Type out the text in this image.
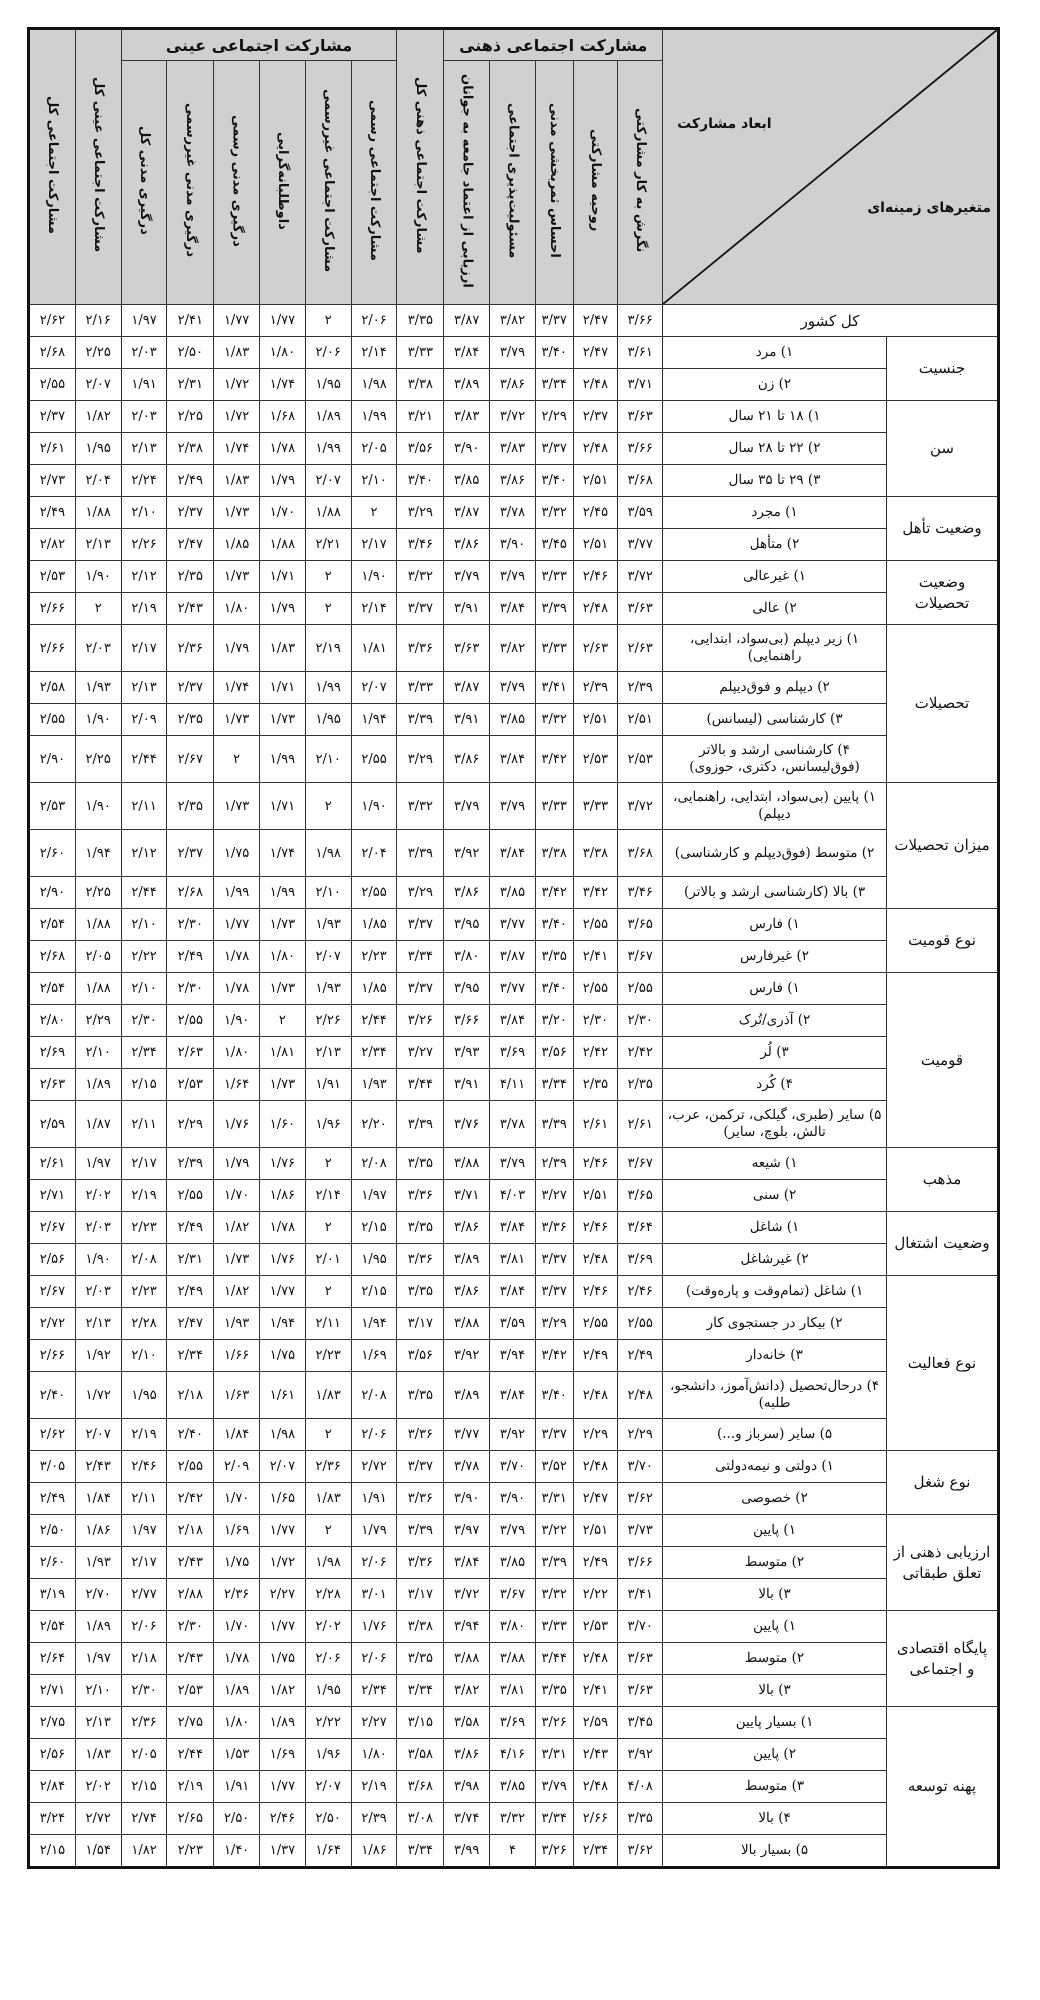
مشارکت اجتماعی کل	مشارکت اجتماعی عینی کل	مشارکت اجتماعی عینی						مشارکت اجتماعی ذهنی کل	مشارکت اجتماعی ذهنی					ابعاد مشارکت
متغیرهای زمینه‌ای	

		درگیری مدنی کل	درگیری مدنی غیررسمی	درگیری مدنی رسمی	داوطلبانه‌گرایی	مشارکت اجتماعی غیررسمی	مشارکت اجتماعی رسمی		ارزیابی از اعتماد جامعه به جوانان	مسئولیت‌پذیری اجتماعی	احساس ثمربخشی مدنی	روحیه مشارکتی	نگرش به کار مشارکتی		
۲/۶۲	۲/۱۶	۱/۹۷	۲/۴۱	۱/۷۷	۱/۷۷	۲	۲/۰۶	۳/۳۵	۳/۸۷	۳/۸۲	۳/۳۷	۲/۴۷	۳/۶۶	کل کشور	
۲/۶۸	۲/۲۵	۲/۰۳	۲/۵۰	۱/۸۳	۱/۸۰	۲/۰۶	۲/۱۴	۳/۳۳	۳/۸۴	۳/۷۹	۳/۴۰	۲/۴۷	۳/۶۱	۱) مرد	جنسیت
۲/۵۵	۲/۰۷	۱/۹۱	۲/۳۱	۱/۷۲	۱/۷۴	۱/۹۵	۱/۹۸	۳/۳۸	۳/۸۹	۳/۸۶	۳/۳۴	۲/۴۸	۳/۷۱	۲) زن	
۲/۳۷	۱/۸۲	۲/۰۳	۲/۲۵	۱/۷۲	۱/۶۸	۱/۸۹	۱/۹۹	۳/۲۱	۳/۸۳	۳/۷۲	۲/۲۹	۲/۳۷	۳/۶۳	۱) ۱۸ تا ۲۱ سال	سن
۲/۶۱	۱/۹۵	۲/۱۳	۲/۳۸	۱/۷۴	۱/۷۸	۱/۹۹	۲/۰۵	۳/۵۶	۳/۹۰	۳/۸۳	۳/۳۷	۲/۴۸	۳/۶۶	۲) ۲۲ تا ۲۸ سال	
۲/۷۳	۲/۰۴	۲/۲۴	۲/۴۹	۱/۸۳	۱/۷۹	۲/۰۷	۲/۱۰	۳/۴۰	۳/۸۵	۳/۸۶	۳/۴۰	۲/۵۱	۳/۶۸	۳) ۲۹ تا ۳۵ سال	
۲/۴۹	۱/۸۸	۲/۱۰	۲/۳۷	۱/۷۳	۱/۷۰	۱/۸۸	۲	۳/۲۹	۳/۸۷	۳/۷۸	۳/۳۲	۲/۴۵	۳/۵۹	۱) مجرد	وضعیت تأهل
۲/۸۲	۲/۱۳	۲/۲۶	۲/۴۷	۱/۸۵	۱/۸۸	۲/۲۱	۲/۱۷	۳/۴۶	۳/۸۶	۳/۹۰	۳/۴۵	۲/۵۱	۳/۷۷	۲) متأهل	
۲/۵۳	۱/۹۰	۲/۱۲	۲/۳۵	۱/۷۳	۱/۷۱	۲	۱/۹۰	۳/۳۲	۳/۷۹	۳/۷۹	۳/۳۳	۲/۴۶	۳/۷۲	۱) غیرعالی	وضعیت تحصیلات
۲/۶۶	۲	۲/۱۹	۲/۴۳	۱/۸۰	۱/۷۹	۲	۲/۱۴	۳/۳۷	۳/۹۱	۳/۸۴	۳/۳۹	۲/۴۸	۳/۶۳	۲) عالی	
۲/۶۶	۲/۰۳	۲/۱۷	۲/۳۶	۱/۷۹	۱/۸۳	۲/۱۹	۱/۸۱	۳/۳۶	۳/۶۳	۳/۸۲	۳/۳۳	۲/۶۳	۲/۶۳	۱) زیر دیپلم (بی‌سواد، ابتدایی، راهنمایی)	تحصیلات
۲/۵۸	۱/۹۳	۲/۱۳	۲/۳۷	۱/۷۴	۱/۷۱	۱/۹۹	۲/۰۷	۳/۳۳	۳/۸۷	۳/۷۹	۳/۴۱	۲/۳۹	۲/۳۹	۲) دیپلم و فوق‌دیپلم	
۲/۵۵	۱/۹۰	۲/۰۹	۲/۳۵	۱/۷۳	۱/۷۳	۱/۹۵	۱/۹۴	۳/۳۹	۳/۹۱	۳/۸۵	۳/۳۲	۲/۵۱	۲/۵۱	۳) کارشناسی (لیسانس)	
۲/۹۰	۲/۲۵	۲/۴۴	۲/۶۷	۲	۱/۹۹	۲/۱۰	۲/۵۵	۳/۲۹	۳/۸۶	۳/۸۴	۳/۴۲	۲/۵۳	۲/۵۳	۴) کارشناسی ارشد و بالاتر (فوق‌لیسانس، دکتری، حوزوی)	
۲/۵۳	۱/۹۰	۲/۱۱	۲/۳۵	۱/۷۳	۱/۷۱	۲	۱/۹۰	۳/۳۲	۳/۷۹	۳/۷۹	۳/۳۳	۳/۳۳	۳/۷۲	۱) پایین (بی‌سواد، ابتدایی، راهنمایی، دیپلم)	میزان تحصیلات
۲/۶۰	۱/۹۴	۲/۱۲	۲/۳۷	۱/۷۵	۱/۷۴	۱/۹۸	۲/۰۴	۳/۳۹	۳/۹۲	۳/۸۴	۳/۳۸	۳/۳۸	۳/۶۸	۲) متوسط (فوق‌دیپلم و کارشناسی)	
۲/۹۰	۲/۲۵	۲/۴۴	۲/۶۸	۱/۹۹	۱/۹۹	۲/۱۰	۲/۵۵	۳/۲۹	۳/۸۶	۳/۸۵	۳/۴۲	۳/۴۲	۳/۴۶	۳) بالا (کارشناسی ارشد و بالاتر)	
۲/۵۴	۱/۸۸	۲/۱۰	۲/۳۰	۱/۷۷	۱/۷۳	۱/۹۳	۱/۸۵	۳/۳۷	۳/۹۵	۳/۷۷	۳/۴۰	۲/۵۵	۳/۶۵	۱) فارس	نوع قومیت
۲/۶۸	۲/۰۵	۲/۲۲	۲/۴۹	۱/۷۸	۱/۸۰	۲/۰۷	۲/۲۳	۳/۳۴	۳/۸۰	۳/۸۷	۳/۳۵	۲/۴۱	۳/۶۷	۲) غیرفارس	
۲/۵۴	۱/۸۸	۲/۱۰	۲/۳۰	۱/۷۸	۱/۷۳	۱/۹۳	۱/۸۵	۳/۳۷	۳/۹۵	۳/۷۷	۳/۴۰	۲/۵۵	۲/۵۵	۱) فارس	قومیت
۲/۸۰	۲/۲۹	۲/۳۰	۲/۵۵	۱/۹۰	۲	۲/۲۶	۲/۴۴	۳/۲۶	۳/۶۶	۳/۸۴	۳/۲۰	۲/۳۰	۲/۳۰	۲) آذری/تُرک	
۲/۶۹	۲/۱۰	۲/۳۴	۲/۶۳	۱/۸۰	۱/۸۱	۲/۱۳	۲/۳۴	۳/۲۷	۳/۹۳	۳/۶۹	۳/۵۶	۲/۴۲	۲/۴۲	۳) لُر	
۲/۶۳	۱/۸۹	۲/۱۵	۲/۵۳	۱/۶۴	۱/۷۳	۱/۹۱	۱/۹۳	۳/۴۴	۳/۹۱	۴/۱۱	۳/۳۴	۲/۳۵	۲/۳۵	۴) کُرد	
۲/۵۹	۱/۸۷	۲/۱۱	۲/۲۹	۱/۷۶	۱/۶۰	۱/۹۶	۲/۲۰	۳/۳۹	۳/۷۶	۳/۷۸	۳/۳۹	۲/۶۱	۲/۶۱	۵) سایر (طبری، گیلکی، ترکمن، عرب، تالش، بلوچ، سایر)	
۲/۶۱	۱/۹۷	۲/۱۷	۲/۳۹	۱/۷۹	۱/۷۶	۲	۲/۰۸	۳/۳۵	۳/۸۸	۳/۷۹	۲/۳۹	۲/۴۶	۳/۶۷	۱) شیعه	مذهب
۲/۷۱	۲/۰۲	۲/۱۹	۲/۵۵	۱/۷۰	۱/۸۶	۲/۱۴	۱/۹۷	۳/۳۶	۳/۷۱	۴/۰۳	۳/۲۷	۲/۵۱	۳/۶۵	۲) سنی	
۲/۶۷	۲/۰۳	۲/۲۳	۲/۴۹	۱/۸۲	۱/۷۸	۲	۲/۱۵	۳/۳۵	۳/۸۶	۳/۸۴	۳/۳۶	۲/۴۶	۳/۶۴	۱) شاغل	وضعیت اشتغال
۲/۵۶	۱/۹۰	۲/۰۸	۲/۳۱	۱/۷۳	۱/۷۶	۲/۰۱	۱/۹۵	۳/۳۶	۳/۸۹	۳/۸۱	۳/۳۷	۲/۴۸	۳/۶۹	۲) غیرشاغل	
۲/۶۷	۲/۰۳	۲/۲۳	۲/۴۹	۱/۸۲	۱/۷۷	۲	۲/۱۵	۳/۳۵	۳/۸۶	۳/۸۴	۳/۳۷	۲/۴۶	۲/۴۶	۱) شاغل (تمام‌وقت و پاره‌وقت)	نوع فعالیت
۲/۷۲	۲/۱۳	۲/۲۸	۲/۴۷	۱/۹۳	۱/۹۴	۲/۱۱	۱/۹۴	۳/۱۷	۳/۸۸	۳/۵۹	۳/۲۹	۲/۵۵	۲/۵۵	۲) بیکار در جستجوی کار	
۲/۶۶	۱/۹۲	۲/۱۰	۲/۳۴	۱/۶۶	۱/۷۵	۲/۲۳	۱/۶۹	۳/۵۶	۳/۹۲	۳/۹۴	۳/۴۲	۲/۴۹	۲/۴۹	۳) خانه‌دار	
۲/۴۰	۱/۷۲	۱/۹۵	۲/۱۸	۱/۶۳	۱/۶۱	۱/۸۳	۲/۰۸	۳/۳۵	۳/۸۹	۳/۸۴	۳/۴۰	۲/۴۸	۲/۴۸	۴) درحال‌تحصیل (دانش‌آموز، دانشجو، طلبه)	
۲/۶۲	۲/۰۷	۲/۱۹	۲/۴۰	۱/۸۴	۱/۹۸	۲	۲/۰۶	۳/۳۶	۳/۷۷	۳/۹۲	۳/۳۷	۲/۲۹	۲/۲۹	۵) سایر (سرباز و...)	
۳/۰۵	۲/۴۳	۲/۴۶	۲/۵۵	۲/۰۹	۲/۰۷	۲/۳۶	۲/۷۲	۳/۳۷	۳/۷۸	۳/۷۰	۳/۵۲	۲/۴۸	۳/۷۰	۱) دولتی و نیمه‌دولتی	نوع شغل
۲/۴۹	۱/۸۴	۲/۱۱	۲/۴۲	۱/۷۰	۱/۶۵	۱/۸۳	۱/۹۱	۳/۳۶	۳/۹۰	۳/۹۰	۳/۳۱	۲/۴۷	۳/۶۲	۲) خصوصی	
۲/۵۰	۱/۸۶	۱/۹۷	۲/۱۸	۱/۶۹	۱/۷۷	۲	۱/۷۹	۳/۳۹	۳/۹۷	۳/۷۹	۳/۲۲	۲/۵۱	۳/۷۳	۱) پایین	ارزیابی ذهنی از تعلق طبقاتی
۲/۶۰	۱/۹۳	۲/۱۷	۲/۴۳	۱/۷۵	۱/۷۲	۱/۹۸	۲/۰۶	۳/۳۶	۳/۸۴	۳/۸۵	۳/۳۹	۲/۴۹	۳/۶۶	۲) متوسط	
۳/۱۹	۲/۷۰	۲/۷۷	۲/۸۸	۲/۳۶	۲/۲۷	۲/۲۸	۳/۰۱	۳/۱۷	۳/۷۲	۳/۶۷	۳/۳۲	۲/۲۲	۳/۴۱	۳) بالا	
۲/۵۴	۱/۸۹	۲/۰۶	۲/۳۰	۱/۷۰	۱/۷۷	۲/۰۲	۱/۷۶	۳/۳۸	۳/۹۴	۳/۸۰	۳/۳۳	۲/۵۳	۳/۷۰	۱) پایین	پایگاه اقتصادی و اجتماعی
۲/۶۴	۱/۹۷	۲/۱۸	۲/۴۳	۱/۷۸	۱/۷۵	۲/۰۶	۲/۰۶	۳/۳۵	۳/۸۸	۳/۸۸	۳/۴۴	۲/۴۸	۳/۶۳	۲) متوسط	
۲/۷۱	۲/۱۰	۲/۳۰	۲/۵۳	۱/۸۹	۱/۸۲	۱/۹۵	۲/۳۴	۳/۳۴	۳/۸۲	۳/۸۱	۳/۳۵	۲/۴۱	۳/۶۳	۳) بالا	
۲/۷۵	۲/۱۳	۲/۳۶	۲/۷۵	۱/۸۰	۱/۸۹	۲/۲۲	۲/۲۷	۳/۱۵	۳/۵۸	۳/۶۹	۳/۲۶	۲/۵۹	۳/۴۵	۱) بسیار پایین	پهنه توسعه
۲/۵۶	۱/۸۳	۲/۰۵	۲/۴۴	۱/۵۳	۱/۶۹	۱/۹۶	۱/۸۰	۳/۵۸	۳/۸۶	۴/۱۶	۳/۳۱	۲/۴۳	۳/۹۲	۲) پایین	
۲/۸۴	۲/۰۲	۲/۱۵	۲/۱۹	۱/۹۱	۱/۷۷	۲/۰۷	۲/۱۹	۳/۶۸	۳/۹۸	۳/۸۵	۳/۷۹	۲/۴۸	۴/۰۸	۳) متوسط	
۳/۲۴	۲/۷۲	۲/۷۴	۲/۶۵	۲/۵۰	۲/۴۶	۲/۵۰	۲/۳۹	۳/۰۸	۳/۷۴	۳/۳۲	۳/۳۴	۲/۶۶	۳/۳۵	۴) بالا	
۲/۱۵	۱/۵۴	۱/۸۲	۲/۲۳	۱/۴۰	۱/۳۷	۱/۶۴	۱/۸۶	۳/۳۴	۳/۹۹	۴	۳/۲۶	۲/۳۴	۳/۶۲	۵) بسیار بالا	
